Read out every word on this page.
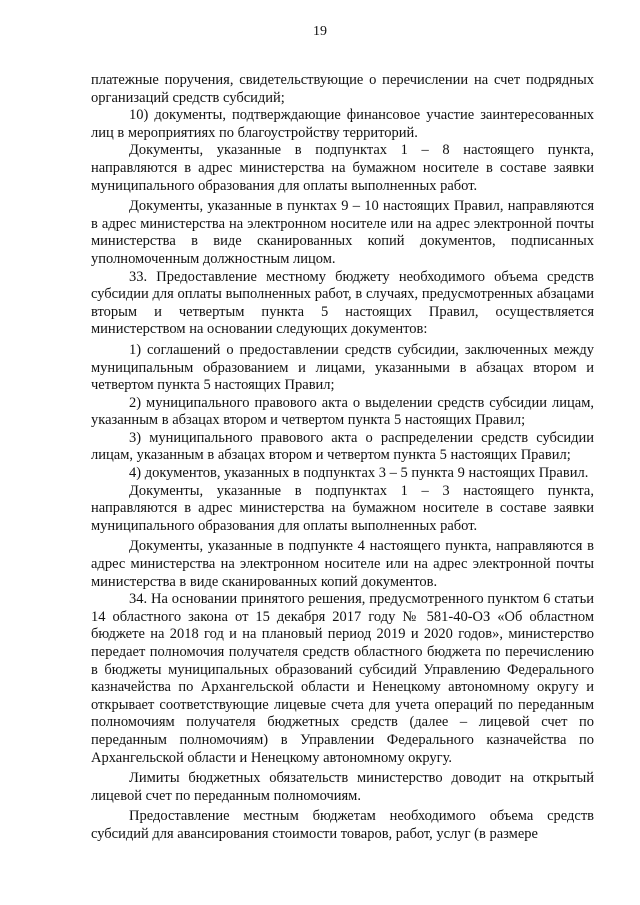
19

платежные поручения, свидетельствующие о перечислении на счет подрядных организаций средств субсидий;

10) документы, подтверждающие финансовое участие заинтересованных лиц в мероприятиях по благоустройству территорий.

Документы, указанные в подпунктах 1 – 8 настоящего пункта, направляются в адрес министерства на бумажном носителе в составе заявки муниципального образования для оплаты выполненных работ.

Документы, указанные в пунктах 9 – 10 настоящих Правил, направляются в адрес министерства на электронном носителе или на адрес электронной почты министерства в виде сканированных копий документов, подписанных уполномоченным должностным лицом.

33. Предоставление местному бюджету необходимого объема средств субсидии для оплаты выполненных работ, в случаях, предусмотренных абзацами вторым и четвертым пункта 5 настоящих Правил, осуществляется министерством на основании следующих документов:

1) соглашений о предоставлении средств субсидии, заключенных между муниципальным образованием и лицами, указанными в абзацах втором и четвертом пункта 5 настоящих Правил;

2) муниципального правового акта о выделении средств субсидии лицам, указанным в абзацах втором и четвертом пункта 5 настоящих Правил;

3) муниципального правового акта о распределении средств субсидии лицам, указанным в абзацах втором и четвертом пункта 5 настоящих Правил;

4) документов, указанных в подпунктах 3 – 5 пункта 9 настоящих Правил.

Документы, указанные в подпунктах 1 – 3 настоящего пункта, направляются в адрес министерства на бумажном носителе в составе заявки муниципального образования для оплаты выполненных работ.

Документы, указанные в подпункте 4 настоящего пункта, направляются в адрес министерства на электронном носителе или на адрес электронной почты министерства в виде сканированных копий документов.

34. На основании принятого решения, предусмотренного пунктом 6 статьи 14 областного закона от 15 декабря 2017 году № 581-40-ОЗ «Об областном бюджете на 2018 год и на плановый период 2019 и 2020 годов», министерство передает полномочия получателя средств областного бюджета по перечислению в бюджеты муниципальных образований субсидий Управлению Федерального казначейства по Архангельской области и Ненецкому автономному округу и открывает соответствующие лицевые счета для учета операций по переданным полномочиям получателя бюджетных средств (далее – лицевой счет по переданным полномочиям) в Управлении Федерального казначейства по Архангельской области и Ненецкому автономному округу.

Лимиты бюджетных обязательств министерство доводит на открытый лицевой счет по переданным полномочиям.

Предоставление местным бюджетам необходимого объема средств субсидий для авансирования стоимости товаров, работ, услуг (в размере
